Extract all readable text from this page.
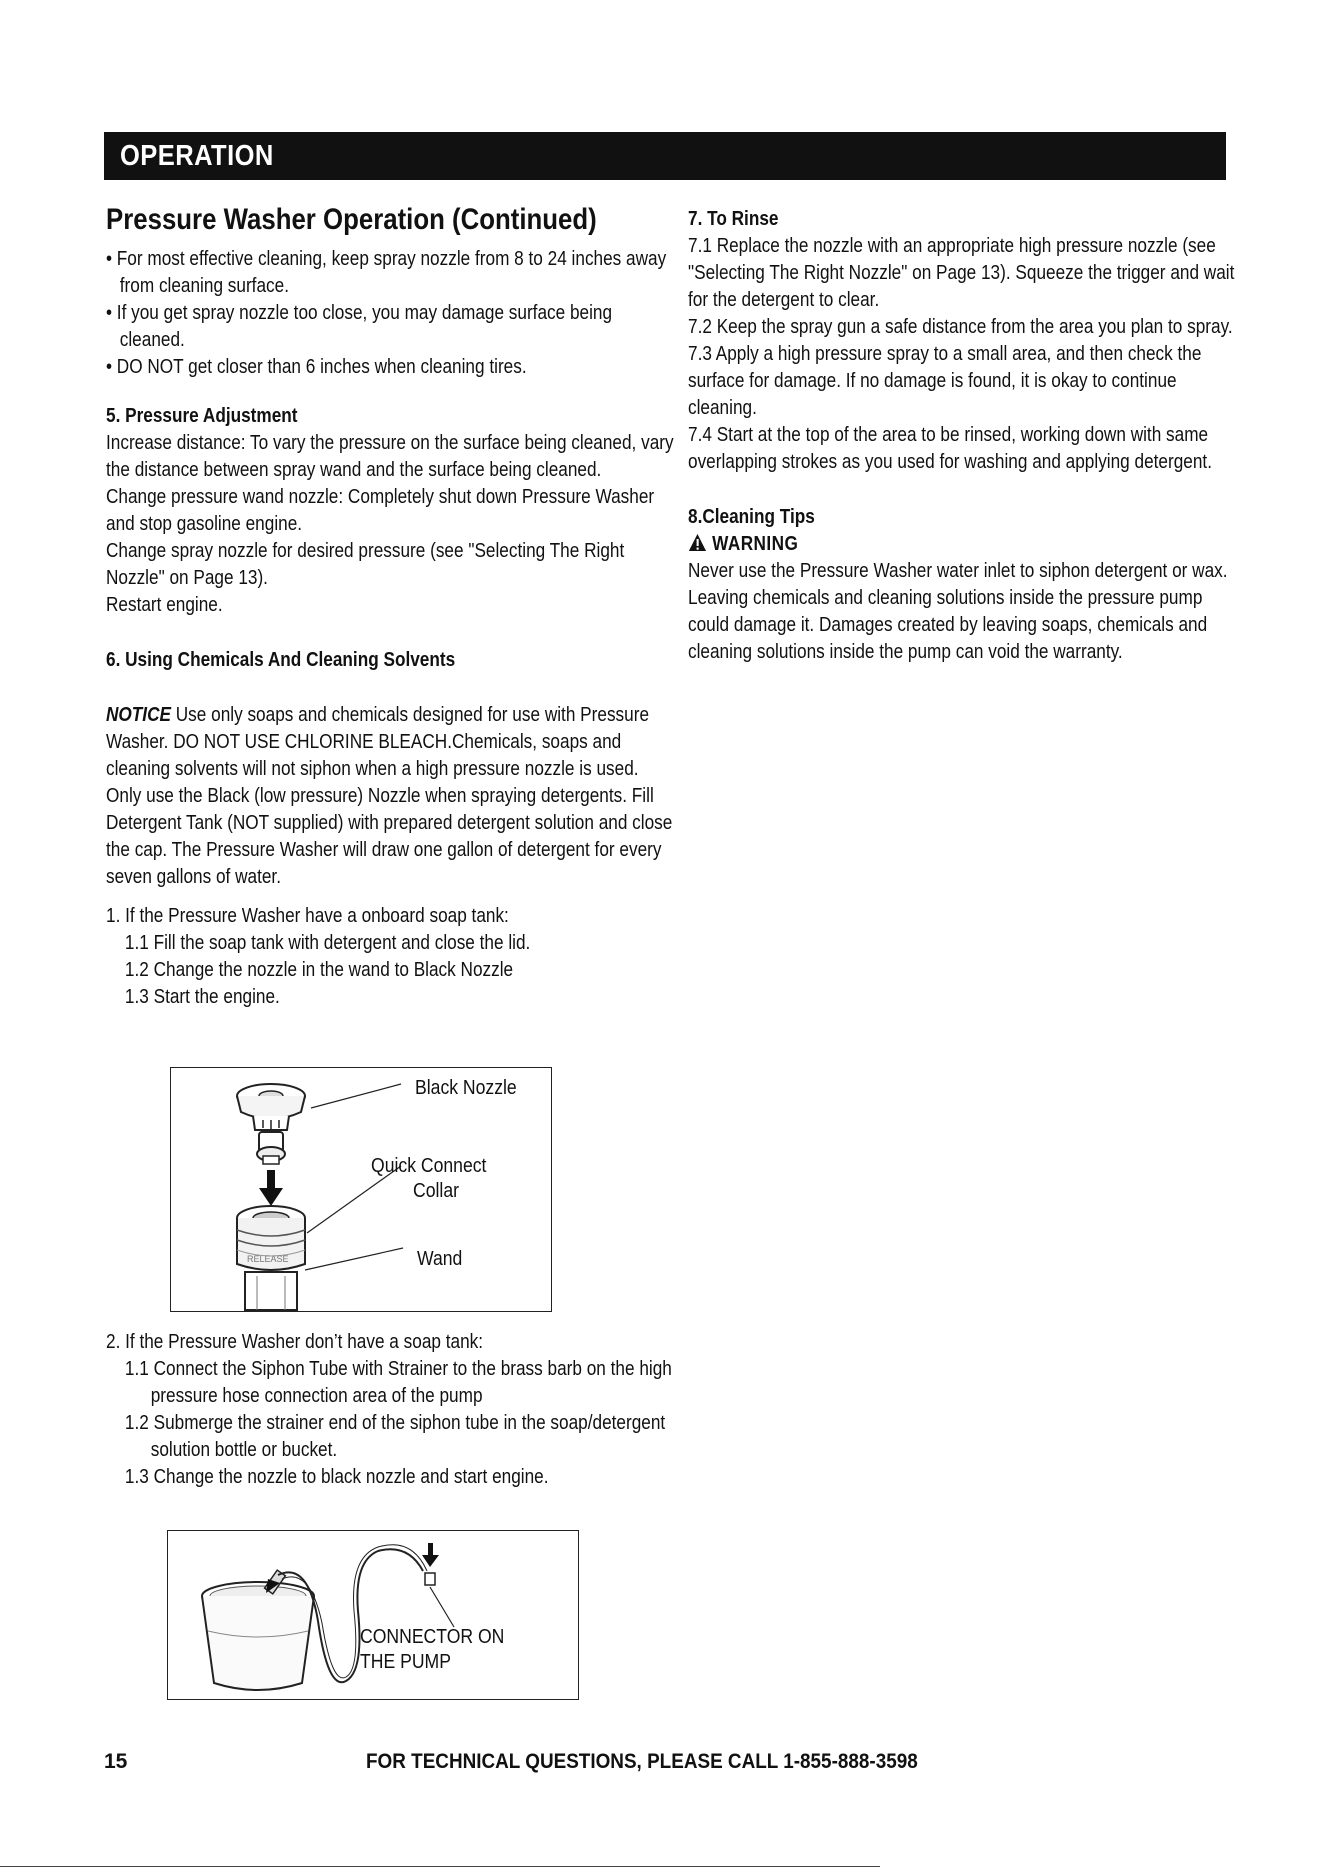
OPERATION
Pressure Washer Operation (Continued)
• For most effective cleaning, keep spray nozzle from 8 to 24 inches away from cleaning surface.
• If you get spray nozzle too close, you may damage surface being cleaned.
• DO NOT get closer than 6 inches when cleaning tires.
5. Pressure Adjustment
Increase distance: To vary the pressure on the surface being cleaned, vary the distance between spray wand and the surface being cleaned.
Change pressure wand nozzle: Completely shut down Pressure Washer and stop gasoline engine.
Change spray nozzle for desired pressure (see "Selecting The Right Nozzle" on Page 13).
Restart engine.
6. Using Chemicals And Cleaning Solvents
NOTICE Use only soaps and chemicals designed for use with Pressure Washer. DO NOT USE CHLORINE BLEACH.Chemicals, soaps and cleaning solvents will not siphon when a high pressure nozzle is used. Only use the Black (low pressure) Nozzle when spraying detergents. Fill Detergent Tank (NOT supplied) with prepared detergent solution and close the cap. The Pressure Washer will draw one gallon of detergent for every seven gallons of water.
1. If the Pressure Washer have a onboard soap tank:
1.1 Fill the soap tank with detergent and close the lid.
1.2 Change the nozzle in the wand to Black Nozzle
1.3 Start the engine.
RELEASE
Black Nozzle
Quick Connect
Collar
Wand
2. If the Pressure Washer don’t have a soap tank:
1.1 Connect the Siphon Tube with Strainer to the brass barb on the high pressure hose connection area of the pump
1.2 Submerge the strainer end of the siphon tube in the soap/detergent solution bottle or bucket.
1.3 Change the nozzle to black nozzle and start engine.
CONNECTOR ON
THE PUMP
7. To Rinse
7.1 Replace the nozzle with an appropriate high pressure nozzle (see "Selecting The Right Nozzle" on Page 13). Squeeze the trigger and wait for the detergent to clear.
7.2 Keep the spray gun a safe distance from the area you plan to spray.
7.3 Apply a high pressure spray to a small area, and then check the surface for damage. If no damage is found, it is okay to continue cleaning.
7.4 Start at the top of the area to be rinsed, working down with same overlapping strokes as you used for washing and applying detergent.
8.Cleaning Tips
WARNING
Never use the Pressure Washer water inlet to siphon detergent or wax.
Leaving chemicals and cleaning solutions inside the pressure pump could damage it. Damages created by leaving soaps, chemicals and cleaning solutions inside the pump can void the warranty.
15	FOR TECHNICAL QUESTIONS, PLEASE CALL 1-855-888-3598
